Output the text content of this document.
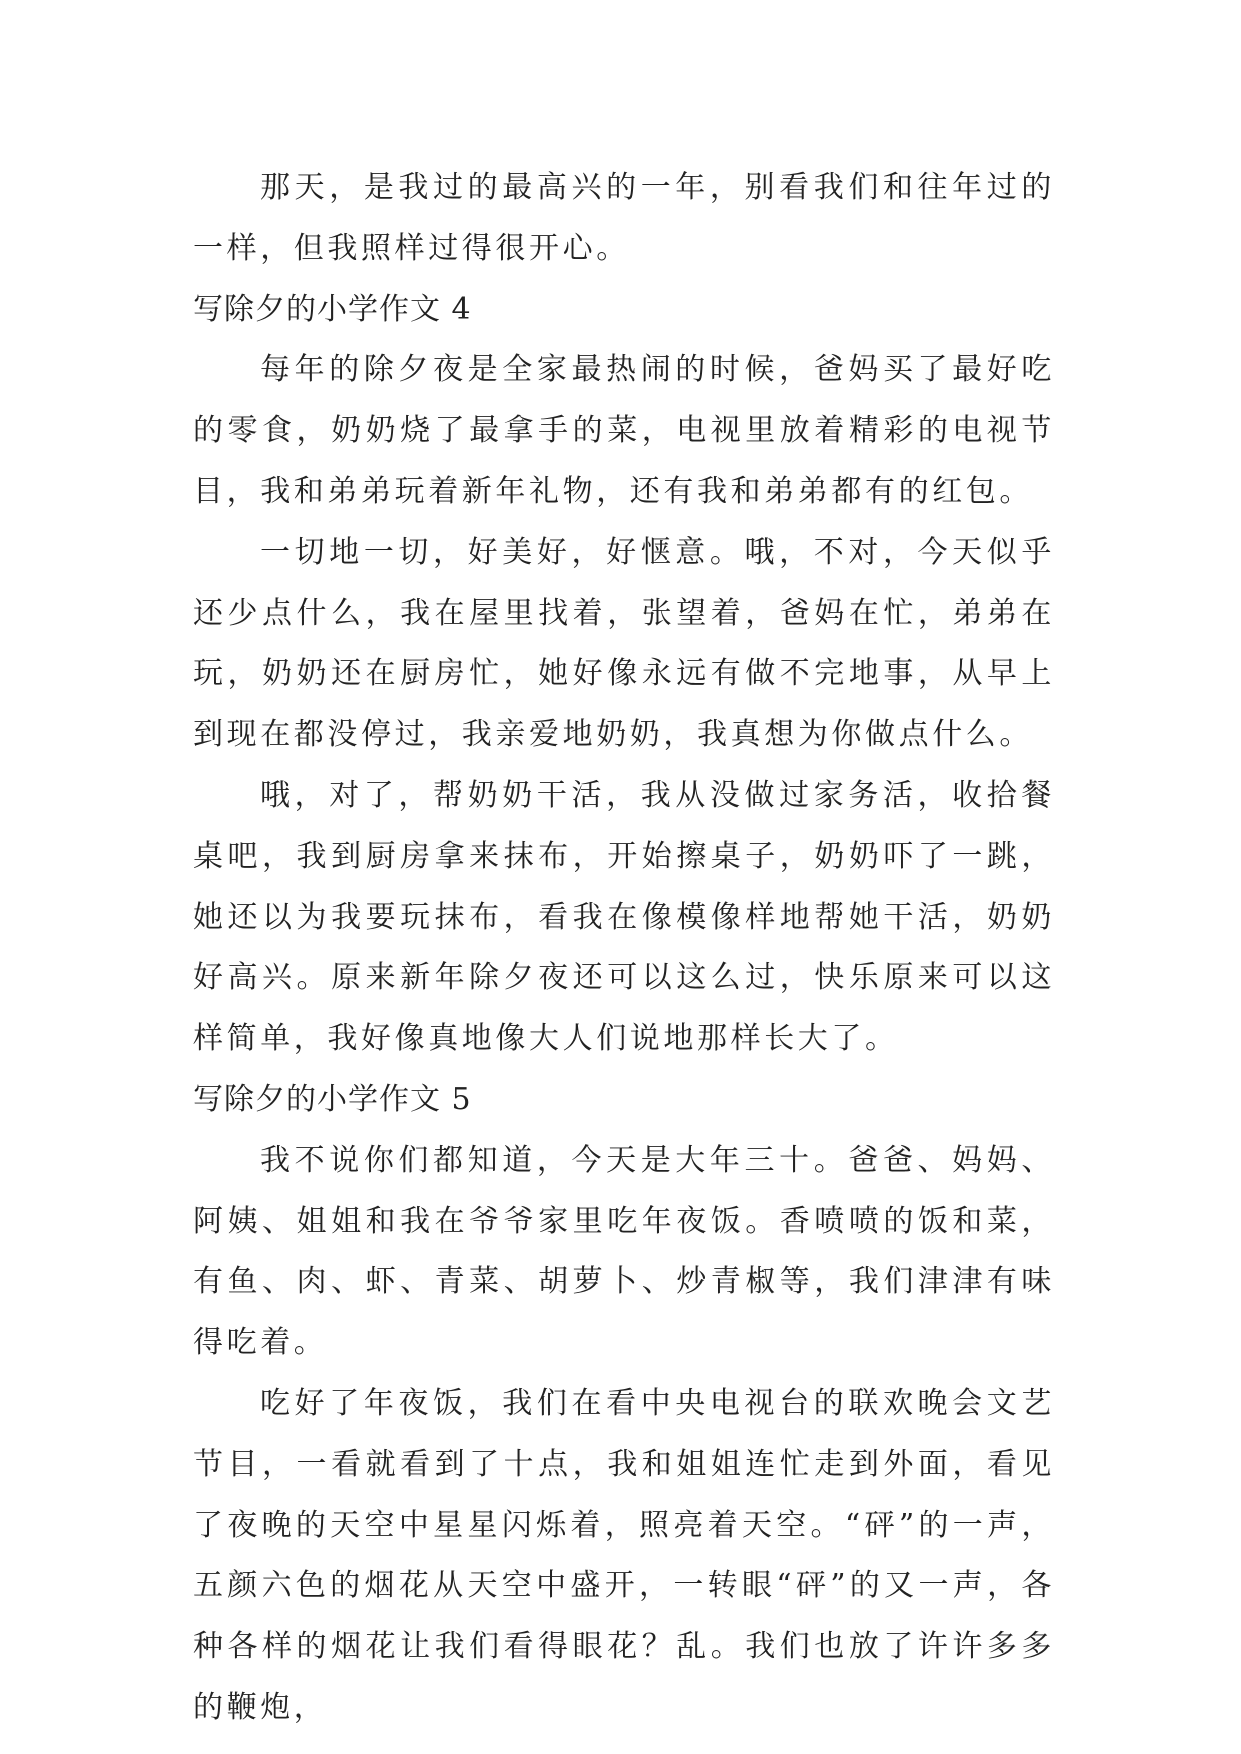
那天，是我过的最高兴的一年，别看我们和往年过的一样，但我照样过得很开心。

写除夕的小学作文 4

每年的除夕夜是全家最热闹的时候，爸妈买了最好吃的零食，奶奶烧了最拿手的菜，电视里放着精彩的电视节目，我和弟弟玩着新年礼物，还有我和弟弟都有的红包。

一切地一切，好美好，好惬意。哦，不对，今天似乎还少点什么，我在屋里找着，张望着，爸妈在忙，弟弟在玩，奶奶还在厨房忙，她好像永远有做不完地事，从早上到现在都没停过，我亲爱地奶奶，我真想为你做点什么。

哦，对了，帮奶奶干活，我从没做过家务活，收拾餐桌吧，我到厨房拿来抹布，开始擦桌子，奶奶吓了一跳，她还以为我要玩抹布，看我在像模像样地帮她干活，奶奶好高兴。原来新年除夕夜还可以这么过，快乐原来可以这样简单，我好像真地像大人们说地那样长大了。

写除夕的小学作文 5

我不说你们都知道，今天是大年三十。爸爸、妈妈、阿姨、姐姐和我在爷爷家里吃年夜饭。香喷喷的饭和菜，有鱼、肉、虾、青菜、胡萝卜、炒青椒等，我们津津有味得吃着。

吃好了年夜饭，我们在看中央电视台的联欢晚会文艺节目，一看就看到了十点，我和姐姐连忙走到外面，看见了夜晚的天空中星星闪烁着，照亮着天空。“砰”的一声，五颜六色的烟花从天空中盛开，一转眼“砰”的又一声，各种各样的烟花让我们看得眼花？乱。我们也放了许许多多的鞭炮，
